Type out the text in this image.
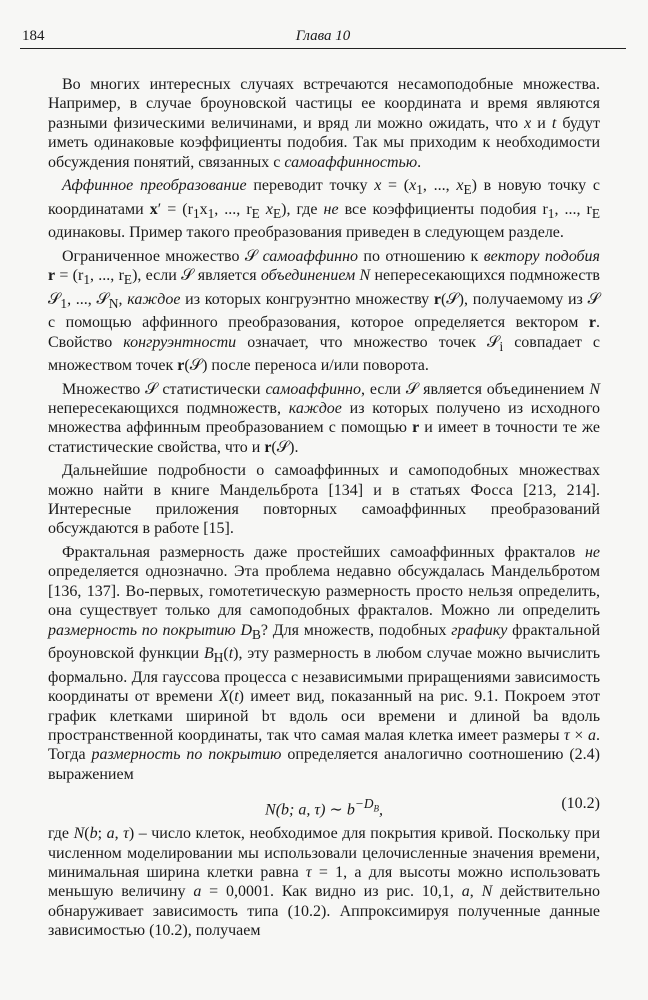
184	Глава 10

Во многих интересных случаях встречаются несамоподобные множества. Например, в случае броуновской частицы ее координата и время являются разными физическими величинами, и вряд ли можно ожидать, что x и t будут иметь одинаковые коэффициенты подобия. Так мы приходим к необходимости обсуждения понятий, связанных с самоаффинностью.

Аффинное преобразование переводит точку $x = (x_1$, ..., $x_E$) в новую точку с координатами $x' = (r_1x_1$, ..., $r_E$ $x_E$), где не все коэффициенты подобия $r_1$, ..., $r_E$ одинаковы. Пример такого преобразования приведен в следующем разделе.

Ограниченное множество 𝒮 самоаффинно по отношению к вектору подобия $r = (r_1$, ..., $r_E$), если 𝒮 является объединением N непересекающихся подмножеств 𝒮$_1$, ..., 𝒮$_N$, каждое из которых конгруэнтно множеству r(𝒮), получаемому из 𝒮 с помощью аффинного преобразования, которое определяется вектором r. Свойство конгруэнтности означает, что множество точек 𝒮$_i$ совпадает с множеством точек r(𝒮) после переноса и/или поворота.

Множество 𝒮 статистически самоаффинно, если 𝒮 является объединением N непересекающихся подмножеств, каждое из которых получено из исходного множества аффинным преобразованием с помощью r и имеет в точности те же статистические свойства, что и r(𝒮).

Дальнейшие подробности о самоаффинных и самоподобных множествах можно найти в книге Мандельброта [134] и в статьях Фосса [213, 214]. Интересные приложения повторных самоаффинных преобразований обсуждаются в работе [15].

Фрактальная размерность даже простейших самоаффинных фракталов не определяется однозначно. Эта проблема недавно обсуждалась Мандельбротом [136, 137]. Во-первых, гомотетическую размерность просто нельзя определить, она существует только для самоподобных фракталов. Можно ли определить размерность по покрытию $D_B$? Для множеств, подобных графику фрактальной броуновской функции $B_H(t)$, эту размерность в любом случае можно вычислить формально. Для гауссова процесса с независимыми приращениями зависимость координаты от времени X(t) имеет вид, показанный на рис. 9.1. Покроем этот график клетками шириной bτ вдоль оси времени и длиной ba вдоль пространственной координаты, так что самая малая клетка имеет размеры τ × a. Тогда размерность по покрытию определяется аналогично соотношению (2.4) выражением

N(b; a, τ) ∼ $b^{-D_B}$,	(10.2)

где N(b; a, τ) – число клеток, необходимое для покрытия кривой. Поскольку при численном моделировании мы использовали целочисленные значения времени, минимальная ширина клетки равна τ = 1, а для высоты можно использовать меньшую величину a = 0,0001. Как видно из рис. 10,1, a, N действительно обнаруживает зависимость типа (10.2). Аппроксимируя полученные данные зависимостью (10.2), получаем
